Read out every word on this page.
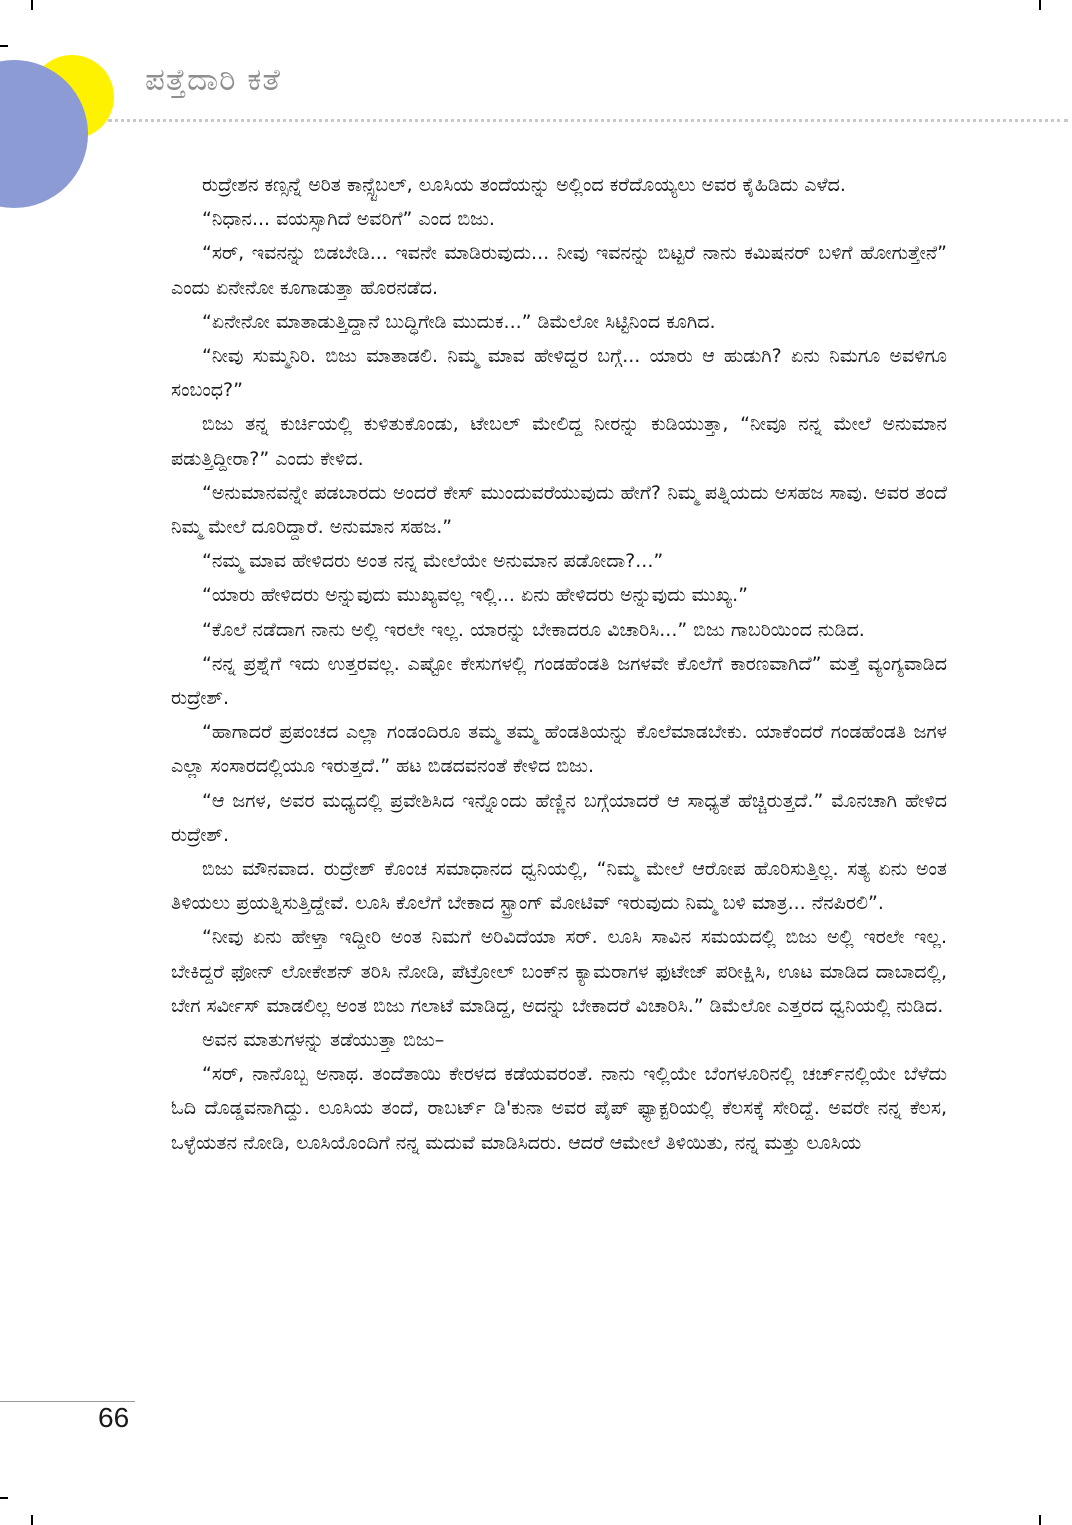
ಪತ್ತೆದಾರಿ ಕತೆ

ರುದ್ರೇಶನ ಕಣ್ಸನ್ನೆ ಅರಿತ ಕಾನ್ಸ್ಟೆಬಲ್, ಲೂಸಿಯ ತಂದೆಯನ್ನು ಅಲ್ಲಿಂದ ಕರೆದೊಯ್ಯಲು ಅವರ ಕೈಹಿಡಿದು ಎಳೆದ.

“ನಿಧಾನ... ವಯಸ್ಸಾಗಿದೆ ಅವರಿಗೆ” ಎಂದ ಬಿಜು.

“ಸರ್, ಇವನನ್ನು ಬಿಡಬೇಡಿ... ಇವನೇ ಮಾಡಿರುವುದು... ನೀವು ಇವನನ್ನು ಬಿಟ್ಟರೆ ನಾನು ಕಮಿಷನರ್ ಬಳಿಗೆ ಹೋಗುತ್ತೇನೆ” ಎಂದು ಏನೇನೋ ಕೂಗಾಡುತ್ತಾ ಹೊರನಡೆದ.

“ಏನೇನೋ ಮಾತಾಡುತ್ತಿದ್ದಾನೆ ಬುದ್ಧಿಗೇಡಿ ಮುದುಕ...” ಡಿಮೆಲೋ ಸಿಟ್ಟಿನಿಂದ ಕೂಗಿದ.

“ನೀವು ಸುಮ್ಮನಿರಿ. ಬಿಜು ಮಾತಾಡಲಿ. ನಿಮ್ಮ ಮಾವ ಹೇಳಿದ್ದರ ಬಗ್ಗೆ... ಯಾರು ಆ ಹುಡುಗಿ? ಏನು ನಿಮಗೂ ಅವಳಿಗೂ ಸಂಬಂಧ?”

ಬಿಜು ತನ್ನ ಕುರ್ಚಿಯಲ್ಲಿ ಕುಳಿತುಕೊಂಡು, ಟೇಬಲ್ ಮೇಲಿದ್ದ ನೀರನ್ನು ಕುಡಿಯುತ್ತಾ, “ನೀವೂ ನನ್ನ ಮೇಲೆ ಅನುಮಾನ ಪಡುತ್ತಿದ್ದೀರಾ?” ಎಂದು ಕೇಳಿದ.

“ಅನುಮಾನವನ್ನೇ ಪಡಬಾರದು ಅಂದರೆ ಕೇಸ್ ಮುಂದುವರೆಯುವುದು ಹೇಗೆ? ನಿಮ್ಮ ಪತ್ನಿಯದು ಅಸಹಜ ಸಾವು. ಅವರ ತಂದೆ ನಿಮ್ಮ ಮೇಲೆ ದೂರಿದ್ದಾರೆ. ಅನುಮಾನ ಸಹಜ.”

“ನಮ್ಮ ಮಾವ ಹೇಳಿದರು ಅಂತ ನನ್ನ ಮೇಲೆಯೇ ಅನುಮಾನ ಪಡೋದಾ?...”

“ಯಾರು ಹೇಳಿದರು ಅನ್ನುವುದು ಮುಖ್ಯವಲ್ಲ ಇಲ್ಲಿ... ಏನು ಹೇಳಿದರು ಅನ್ನುವುದು ಮುಖ್ಯ.”

“ಕೊಲೆ ನಡೆದಾಗ ನಾನು ಅಲ್ಲಿ ಇರಲೇ ಇಲ್ಲ. ಯಾರನ್ನು ಬೇಕಾದರೂ ವಿಚಾರಿಸಿ...” ಬಿಜು ಗಾಬರಿಯಿಂದ ನುಡಿದ.

“ನನ್ನ ಪ್ರಶ್ನೆಗೆ ಇದು ಉತ್ತರವಲ್ಲ. ಎಷ್ಟೋ ಕೇಸುಗಳಲ್ಲಿ ಗಂಡಹೆಂಡತಿ ಜಗಳವೇ ಕೊಲೆಗೆ ಕಾರಣವಾಗಿದೆ” ಮತ್ತೆ ವ್ಯಂಗ್ಯವಾಡಿದ ರುದ್ರೇಶ್.

“ಹಾಗಾದರೆ ಪ್ರಪಂಚದ ಎಲ್ಲಾ ಗಂಡಂದಿರೂ ತಮ್ಮ ತಮ್ಮ ಹೆಂಡತಿಯನ್ನು ಕೊಲೆಮಾಡಬೇಕು. ಯಾಕೆಂದರೆ ಗಂಡಹೆಂಡತಿ ಜಗಳ ಎಲ್ಲಾ ಸಂಸಾರದಲ್ಲಿಯೂ ಇರುತ್ತದೆ.” ಹಟ ಬಿಡದವನಂತೆ ಕೇಳಿದ ಬಿಜು.

“ಆ ಜಗಳ, ಅವರ ಮಧ್ಯದಲ್ಲಿ ಪ್ರವೇಶಿಸಿದ ಇನ್ನೊಂದು ಹೆಣ್ಣಿನ ಬಗ್ಗೆಯಾದರೆ ಆ ಸಾಧ್ಯತೆ ಹೆಚ್ಚಿರುತ್ತದೆ.” ಮೊನಚಾಗಿ ಹೇಳಿದ ರುದ್ರೇಶ್.

ಬಿಜು ಮೌನವಾದ. ರುದ್ರೇಶ್ ಕೊಂಚ ಸಮಾಧಾನದ ಧ್ವನಿಯಲ್ಲಿ, “ನಿಮ್ಮ ಮೇಲೆ ಆರೋಪ ಹೊರಿಸುತ್ತಿಲ್ಲ. ಸತ್ಯ ಏನು ಅಂತ ತಿಳಿಯಲು ಪ್ರಯತ್ನಿಸುತ್ತಿದ್ದೇವೆ. ಲೂಸಿ ಕೊಲೆಗೆ ಬೇಕಾದ ಸ್ಟ್ರಾಂಗ್ ಮೋಟಿವ್ ಇರುವುದು ನಿಮ್ಮ ಬಳಿ ಮಾತ್ರ... ನೆನಪಿರಲಿ”.

“ನೀವು ಏನು ಹೇಳ್ತಾ ಇದ್ದೀರಿ ಅಂತ ನಿಮಗೆ ಅರಿವಿದೆಯಾ ಸರ್. ಲೂಸಿ ಸಾವಿನ ಸಮಯದಲ್ಲಿ ಬಿಜು ಅಲ್ಲಿ ಇರಲೇ ಇಲ್ಲ. ಬೇಕಿದ್ದರೆ ಫೋನ್ ಲೋಕೇಶನ್ ತರಿಸಿ ನೋಡಿ, ಪೆಟ್ರೋಲ್ ಬಂಕ್‌ನ ಕ್ಯಾಮರಾಗಳ ಫುಟೇಜ್ ಪರೀಕ್ಷಿಸಿ, ಊಟ ಮಾಡಿದ ದಾಬಾದಲ್ಲಿ, ಬೇಗ ಸರ್ವೀಸ್ ಮಾಡಲಿಲ್ಲ ಅಂತ ಬಿಜು ಗಲಾಟೆ ಮಾಡಿದ್ದ, ಅದನ್ನು ಬೇಕಾದರೆ ವಿಚಾರಿಸಿ.” ಡಿಮೆಲೋ ಎತ್ತರದ ಧ್ವನಿಯಲ್ಲಿ ನುಡಿದ.

ಅವನ ಮಾತುಗಳನ್ನು ತಡೆಯುತ್ತಾ ಬಿಜು–

“ಸರ್, ನಾನೊಬ್ಬ ಅನಾಥ. ತಂದೆತಾಯಿ ಕೇರಳದ ಕಡೆಯವರಂತೆ. ನಾನು ಇಲ್ಲಿಯೇ ಬೆಂಗಳೂರಿನಲ್ಲಿ ಚರ್ಚ್‌ನಲ್ಲಿಯೇ ಬೆಳೆದು ಓದಿ ದೊಡ್ಡವನಾಗಿದ್ದು. ಲೂಸಿಯ ತಂದೆ, ರಾಬರ್ಟ್ ಡಿ'ಕುನಾ ಅವರ ಪೈಪ್ ಫ್ಯಾಕ್ಟರಿಯಲ್ಲಿ ಕೆಲಸಕ್ಕೆ ಸೇರಿದ್ದೆ. ಅವರೇ ನನ್ನ ಕೆಲಸ, ಒಳ್ಳೆಯತನ ನೋಡಿ, ಲೂಸಿಯೊಂದಿಗೆ ನನ್ನ ಮದುವೆ ಮಾಡಿಸಿದರು. ಆದರೆ ಆಮೇಲೆ ತಿಳಿಯಿತು, ನನ್ನ ಮತ್ತು ಲೂಸಿಯ

66
